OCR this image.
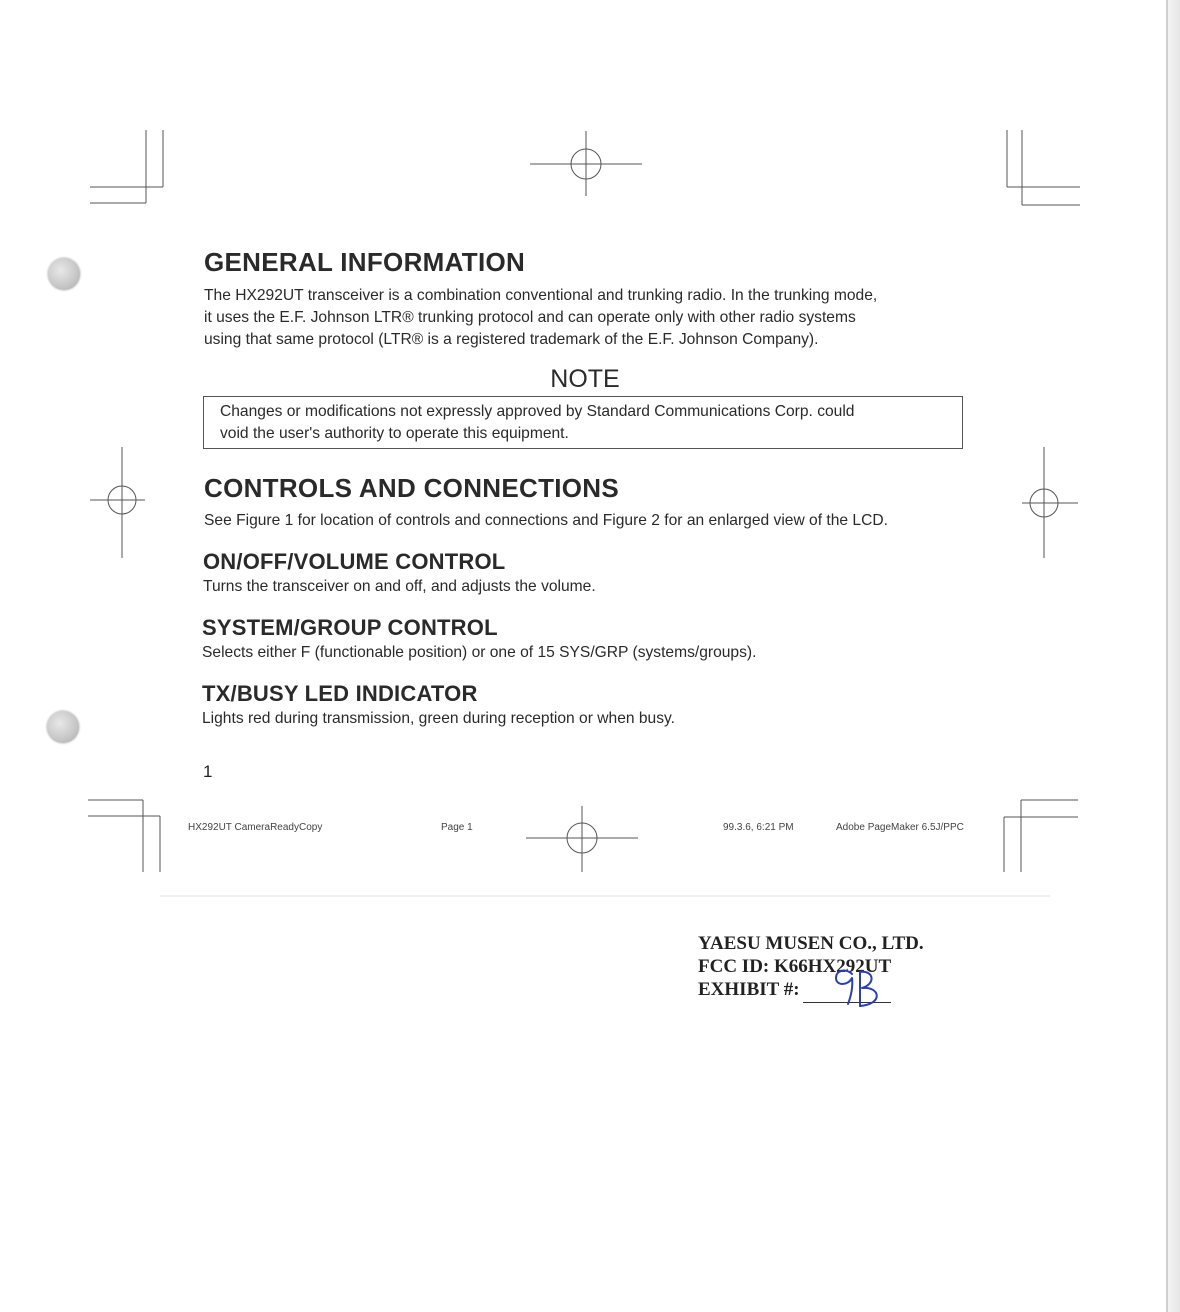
GENERAL INFORMATION
The HX292UT transceiver is a combination conventional and trunking radio. In the trunking mode,
it uses the E.F. Johnson LTR® trunking protocol and can operate only with other radio systems
using that same protocol (LTR® is a registered trademark of the E.F. Johnson Company).
NOTE
Changes or modifications not expressly approved by Standard Communications Corp. could
void the user's authority to operate this equipment.
CONTROLS AND CONNECTIONS
See Figure 1 for location of controls and connections and Figure 2 for an enlarged view of the LCD.
ON/OFF/VOLUME CONTROL
Turns the transceiver on and off, and adjusts the volume.
SYSTEM/GROUP CONTROL
Selects either F (functionable position) or one of 15 SYS/GRP (systems/groups).
TX/BUSY LED INDICATOR
Lights red during transmission, green during reception or when busy.
1
HX292UT CameraReadyCopy	Page 1	99.3.6, 6:21 PM	Adobe PageMaker 6.5J/PPC
YAESU MUSEN CO., LTD.
FCC ID: K66HX292UT
EXHIBIT #:
